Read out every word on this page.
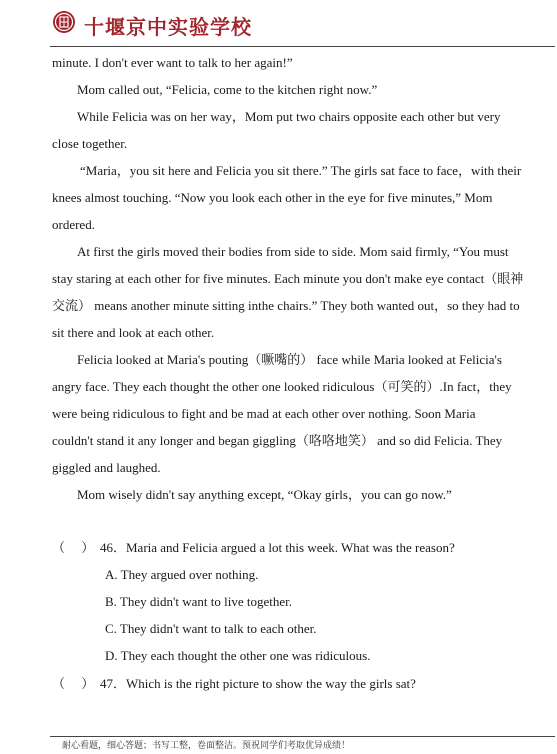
十堰京中实验学校
minute. I don't ever want to talk to her again!”
Mom called out, “Felicia, come to the kitchen right now.”
While Felicia was on her way，Mom put two chairs opposite each other but very
close together.
“Maria，you sit here and Felicia you sit there.” The girls sat face to face，with their
knees almost touching. “Now you look each other in the eye for five minutes,” Mom
ordered.
At first the girls moved their bodies from side to side. Mom said firmly, “You must
stay staring at each other for five minutes. Each minute you don't make eye contact（眼神
交流） means another minute sitting inthe chairs.” They both wanted out，so they had to
sit there and look at each other.
Felicia looked at Maria's pouting（噘嘴的） face while Maria looked at Felicia's
angry face. They each thought the other one looked ridiculous（可笑的）.In fact，they
were being ridiculous to fight and be mad at each other over nothing. Soon Maria
couldn't stand it any longer and began giggling（咯咯地笑） and so did Felicia. They
giggled and laughed.
Mom wisely didn't say anything except, “Okay girls，you can go now.”
（　 ） 46．Maria and Felicia argued a lot this week. What was the reason?
A. They argued over nothing.
B. They didn't want to live together.
C. They didn't want to talk to each other.
D. They each thought the other one was ridiculous.
（　 ） 47．Which is the right picture to show the way the girls sat?
耐心看题，细心答题；书写工整，卷面整洁。预祝同学们考取优异成绩！
